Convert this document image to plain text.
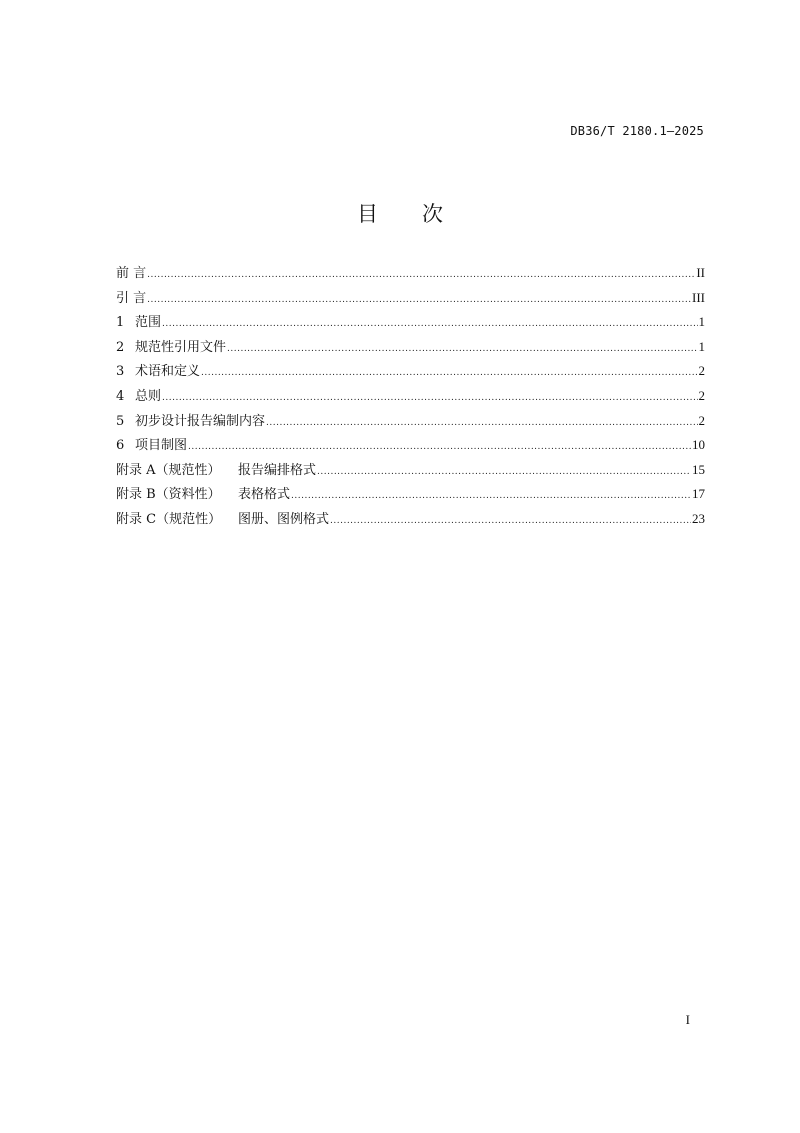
DB36/T 2180.1—2025
目 次
前 言 .....	II
引 言 .....	III
1 范围 .....	1
2 规范性引用文件 .....	1
3 术语和定义 .....	2
4 总则 .....	2
5 初步设计报告编制内容 .....	2
6 项目制图 .....	10
附录 A（规范性） 报告编排格式 .....	15
附录 B（资料性） 表格格式 .....	17
附录 C（规范性） 图册、图例格式 .....	23
I
